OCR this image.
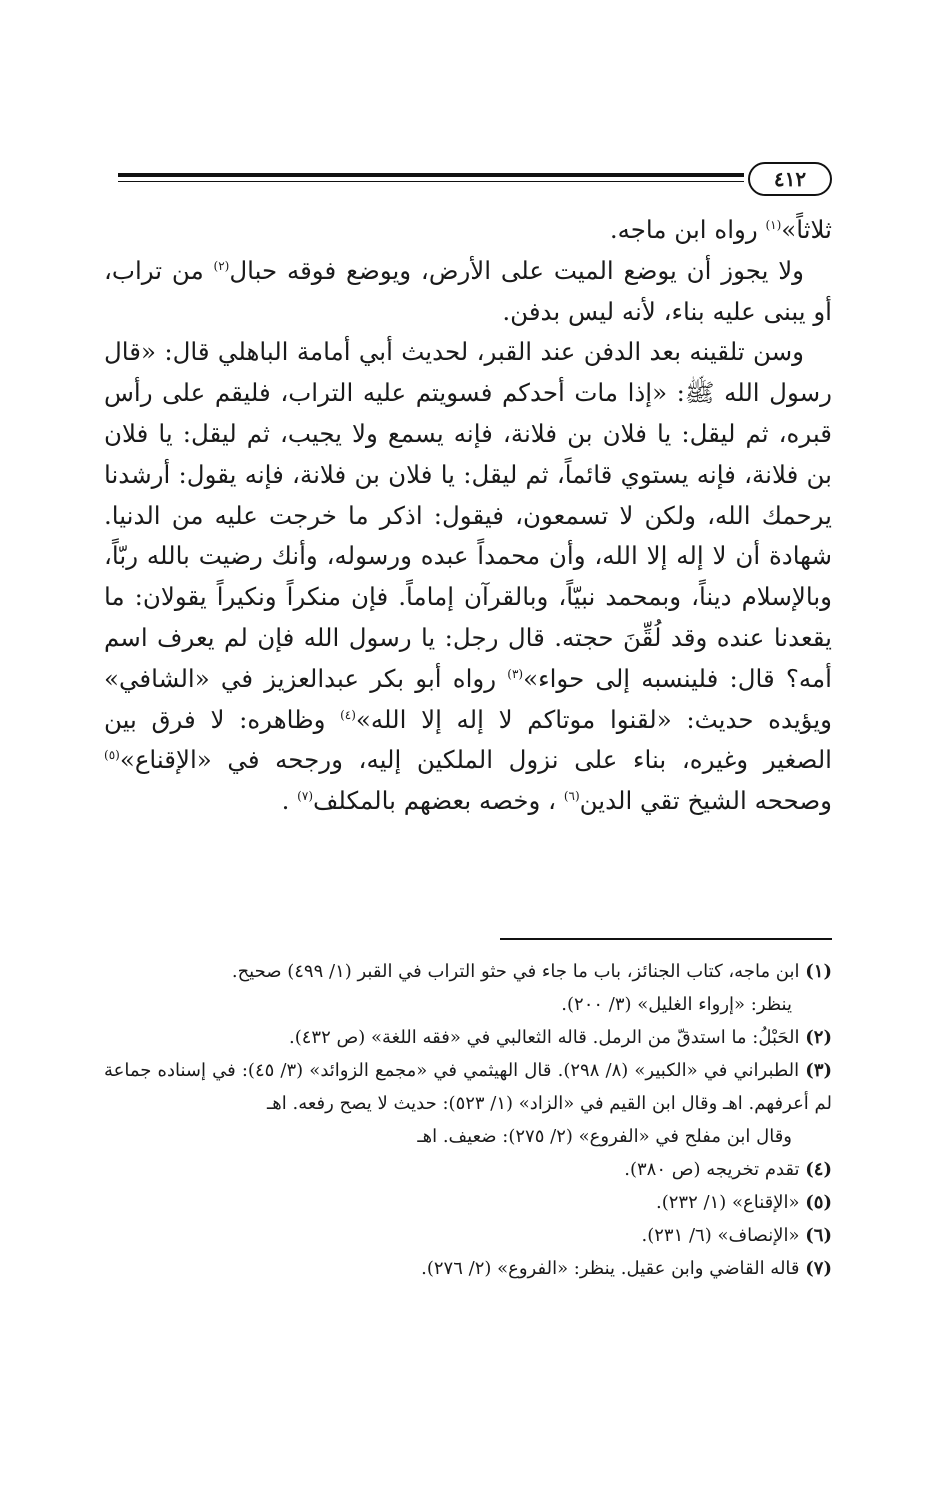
٤١٢

ثلاثاً»$^{(١)}$ رواه ابن ماجه.

ولا يجوز أن يوضع الميت على الأرض، ويوضع فوقه حبال$^{(٢)}$ من تراب، أو يبنى عليه بناء، لأنه ليس بدفن.

وسن تلقينه بعد الدفن عند القبر، لحديث أبي أمامة الباهلي قال: «قال رسول الله ﷺ: «إذا مات أحدكم فسويتم عليه التراب، فليقم على رأس قبره، ثم ليقل: يا فلان بن فلانة، فإنه يسمع ولا يجيب، ثم ليقل: يا فلان بن فلانة، فإنه يستوي قائماً، ثم ليقل: يا فلان بن فلانة، فإنه يقول: أرشدنا يرحمك الله، ولكن لا تسمعون، فيقول: اذكر ما خرجت عليه من الدنيا. شهادة أن لا إله إلا الله، وأن محمداً عبده ورسوله، وأنك رضيت بالله ربّاً، وبالإسلام ديناً، وبمحمد نبيّاً، وبالقرآن إماماً. فإن منكراً ونكيراً يقولان: ما يقعدنا عنده وقد لُقِّنَ حجته. قال رجل: يا رسول الله فإن لم يعرف اسم أمه؟ قال: فلينسبه إلى حواء»$^{(٣)}$ رواه أبو بكر عبدالعزيز في «الشافي» ويؤيده حديث: «لقنوا موتاكم لا إله إلا الله»$^{(٤)}$ وظاهره: لا فرق بين الصغير وغيره، بناء على نزول الملكين إليه، ورجحه في «الإقناع»$^{(٥)}$ وصححه الشيخ تقي الدين$^{(٦)}$ ، وخصه بعضهم بالمكلف$^{(٧)}$ .

(١) ابن ماجه، كتاب الجنائز، باب ما جاء في حثو التراب في القبر (١/ ٤٩٩) صحيح.
ينظر: «إرواء الغليل» (٣/ ٢٠٠).

(٢) الحَبْلُ: ما استدقّ من الرمل. قاله الثعالبي في «فقه اللغة» (ص ٤٣٢).

(٣) الطبراني في «الكبير» (٨/ ٢٩٨). قال الهيثمي في «مجمع الزوائد» (٣/ ٤٥): في إسناده جماعة لم أعرفهم. اهـ وقال ابن القيم في «الزاد» (١/ ٥٢٣): حديث لا يصح رفعه. اهـ
وقال ابن مفلح في «الفروع» (٢/ ٢٧٥): ضعيف. اهـ

(٤) تقدم تخريجه (ص ٣٨٠).

(٥) «الإقناع» (١/ ٢٣٢).

(٦) «الإنصاف» (٦/ ٢٣١).

(٧) قاله القاضي وابن عقيل. ينظر: «الفروع» (٢/ ٢٧٦).
